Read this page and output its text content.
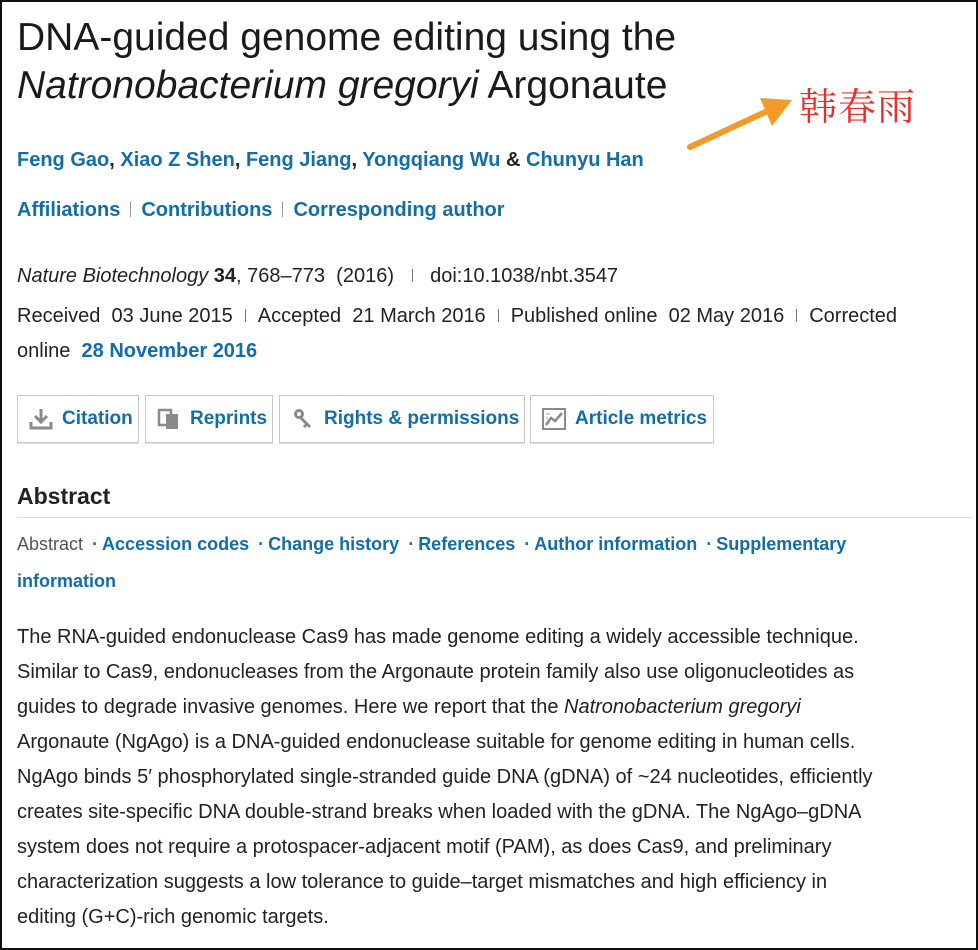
DNA-guided genome editing using the
Natronobacterium gregoryi Argonaute	韩春雨
Feng Gao, Xiao Z Shen, Feng Jiang, Yongqiang Wu & Chunyu Han
Affiliations Contributions Corresponding author
Nature Biotechnology 34, 768–773 (2016) doi:10.1038/nbt.3547
Received 03 June 2015 Accepted 21 March 2016 Published online 02 May 2016 Corrected
online 28 November 2016
Citation	Reprints	Rights & permissions	Article metrics
Abstract
Abstract · Accession codes · Change history · References · Author information · Supplementary
information

The RNA-guided endonuclease Cas9 has made genome editing a widely accessible technique.
Similar to Cas9, endonucleases from the Argonaute protein family also use oligonucleotides as
guides to degrade invasive genomes. Here we report that the Natronobacterium gregoryi
Argonaute (NgAgo) is a DNA-guided endonuclease suitable for genome editing in human cells.
NgAgo binds 5′ phosphorylated single-stranded guide DNA (gDNA) of ~24 nucleotides, efficiently
creates site-specific DNA double-strand breaks when loaded with the gDNA. The NgAgo–gDNA
system does not require a protospacer-adjacent motif (PAM), as does Cas9, and preliminary
characterization suggests a low tolerance to guide–target mismatches and high efficiency in
editing (G+C)-rich genomic targets.
